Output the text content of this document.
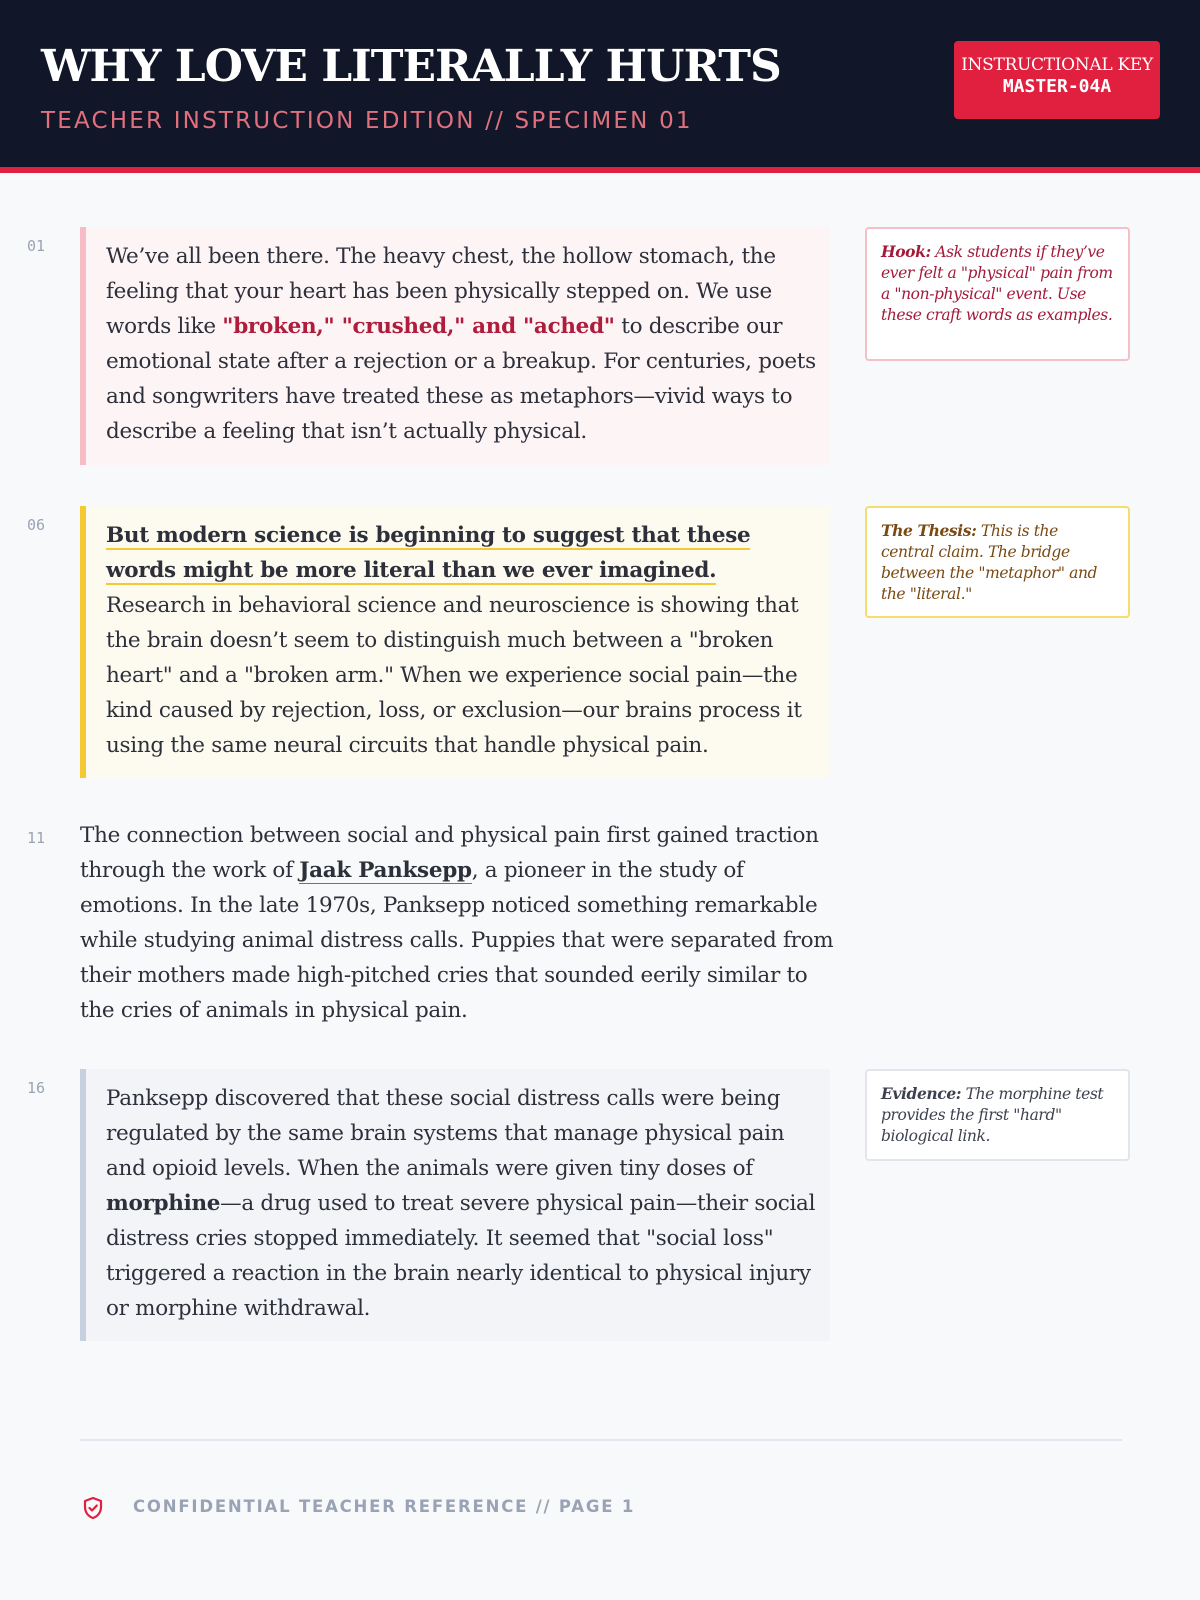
WHY LOVE LITERALLY HURTS
TEACHER INSTRUCTION EDITION // SPECIMEN 01
INSTRUCTIONAL KEY
MASTER-04A
01	We’ve all been there. The heavy chest, the hollow stomach, the feeling that your heart has been physically stepped on. We use words like "broken," "crushed," and "ached" to describe our emotional state after a rejection or a breakup. For centuries, poets and songwriters have treated these as metaphors—vivid ways to describe a feeling that isn’t actually physical.
Hook: Ask students if they’ve ever felt a "physical" pain from a "non-physical" event. Use these craft words as examples.
06	But modern science is beginning to suggest that these words might be more literal than we ever imagined. Research in behavioral science and neuroscience is showing that the brain doesn’t seem to distinguish much between a "broken heart" and a "broken arm." When we experience social pain—the kind caused by rejection, loss, or exclusion—our brains process it using the same neural circuits that handle physical pain.
The Thesis: This is the central claim. The bridge between the "metaphor" and the "literal."
11 The connection between social and physical pain first gained traction through the work of Jaak Panksepp, a pioneer in the study of emotions. In the late 1970s, Panksepp noticed something remarkable while studying animal distress calls. Puppies that were separated from their mothers made high-pitched cries that sounded eerily similar to the cries of animals in physical pain.
16	Panksepp discovered that these social distress calls were being regulated by the same brain systems that manage physical pain and opioid levels. When the animals were given tiny doses of morphine—a drug used to treat severe physical pain—their social distress cries stopped immediately. It seemed that "social loss" triggered a reaction in the brain nearly identical to physical injury or morphine withdrawal.
Evidence: The morphine test provides the first "hard" biological link.
CONFIDENTIAL TEACHER REFERENCE // PAGE 1
